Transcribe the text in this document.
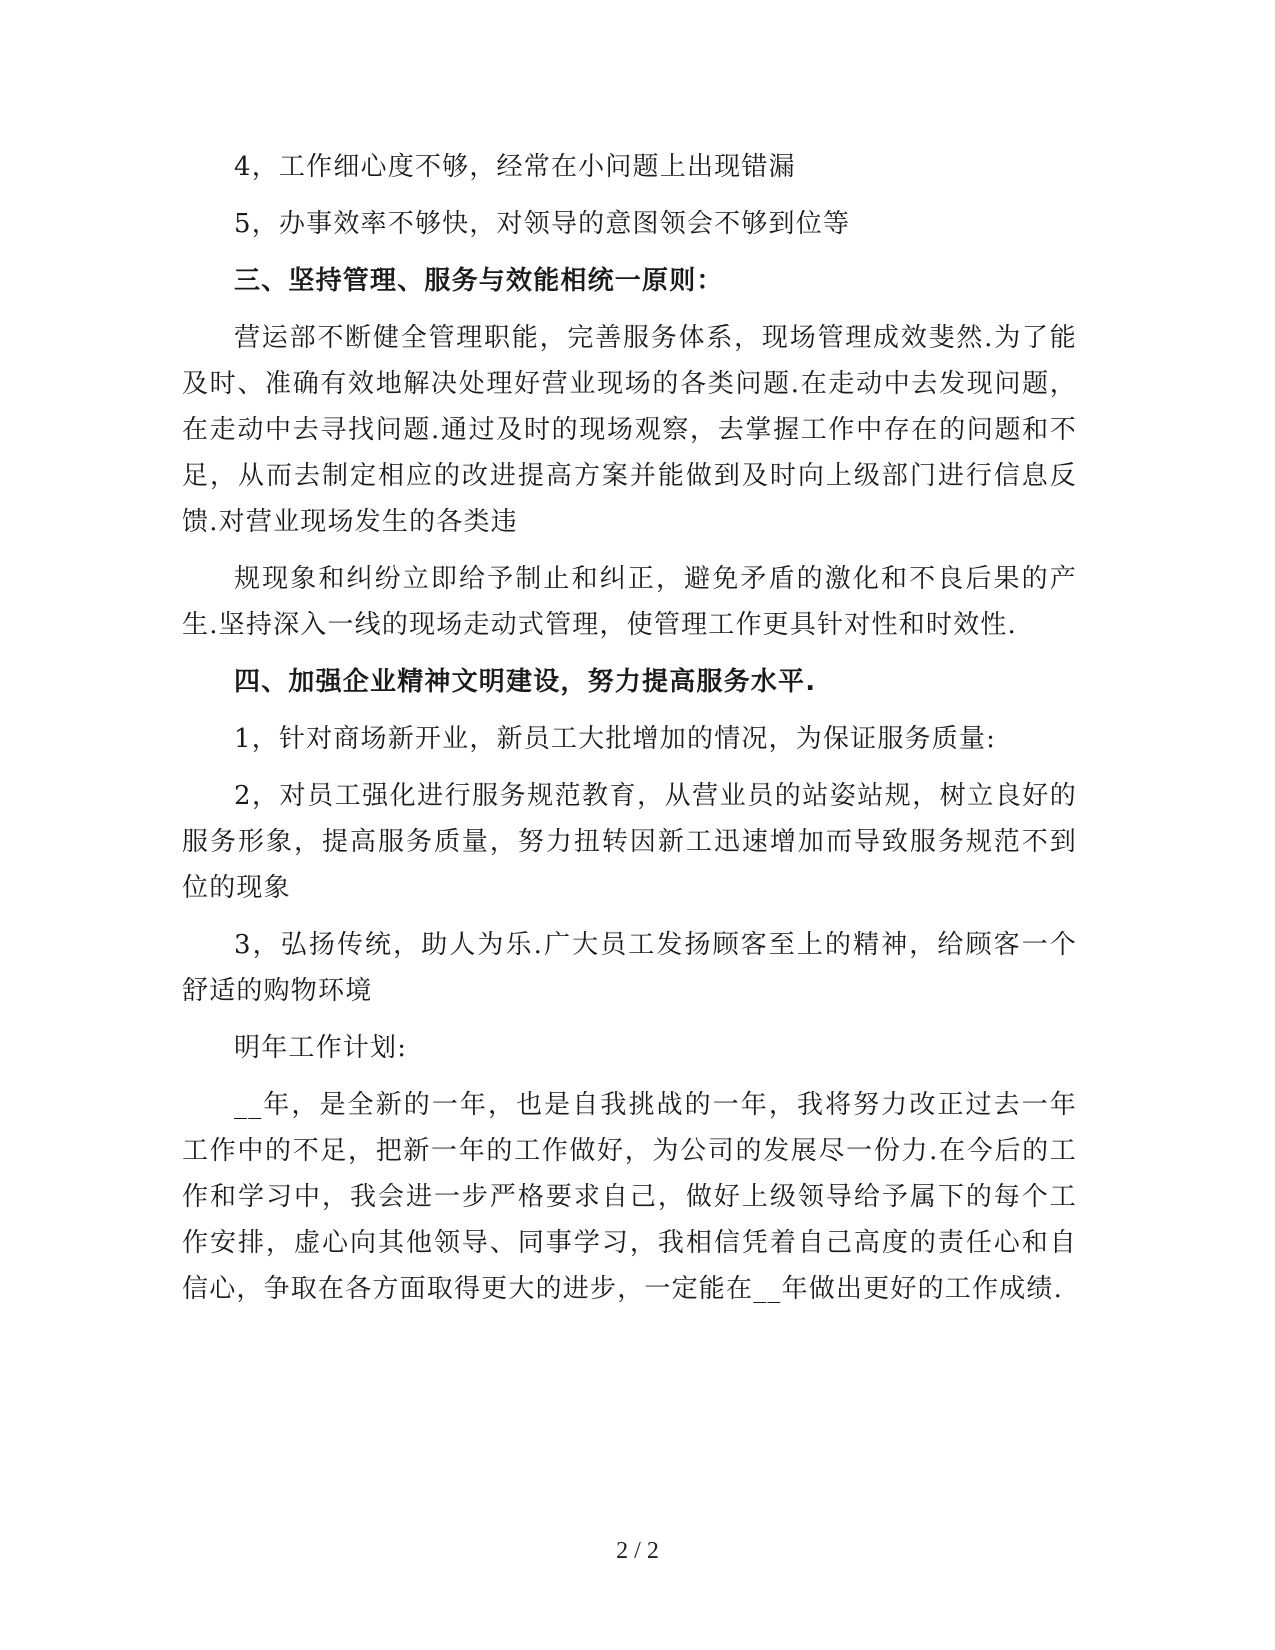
4，工作细心度不够，经常在小问题上出现错漏

5，办事效率不够快，对领导的意图领会不够到位等

三、坚持管理、服务与效能相统一原则：

营运部不断健全管理职能，完善服务体系，现场管理成效斐然.为了能及时、准确有效地解决处理好营业现场的各类问题.在走动中去发现问题，在走动中去寻找问题.通过及时的现场观察，去掌握工作中存在的问题和不足，从而去制定相应的改进提高方案并能做到及时向上级部门进行信息反馈.对营业现场发生的各类违

规现象和纠纷立即给予制止和纠正，避免矛盾的激化和不良后果的产生.坚持深入一线的现场走动式管理，使管理工作更具针对性和时效性.

四、加强企业精神文明建设，努力提高服务水平.

1，针对商场新开业，新员工大批增加的情况，为保证服务质量:

2，对员工强化进行服务规范教育，从营业员的站姿站规，树立良好的服务形象，提高服务质量，努力扭转因新工迅速增加而导致服务规范不到位的现象

3，弘扬传统，助人为乐.广大员工发扬顾客至上的精神，给顾客一个舒适的购物环境

明年工作计划:

__年，是全新的一年，也是自我挑战的一年，我将努力改正过去一年工作中的不足，把新一年的工作做好，为公司的发展尽一份力.在今后的工作和学习中，我会进一步严格要求自己，做好上级领导给予属下的每个工作安排，虚心向其他领导、同事学习，我相信凭着自己高度的责任心和自信心，争取在各方面取得更大的进步，一定能在__年做出更好的工作成绩.

2 / 2
